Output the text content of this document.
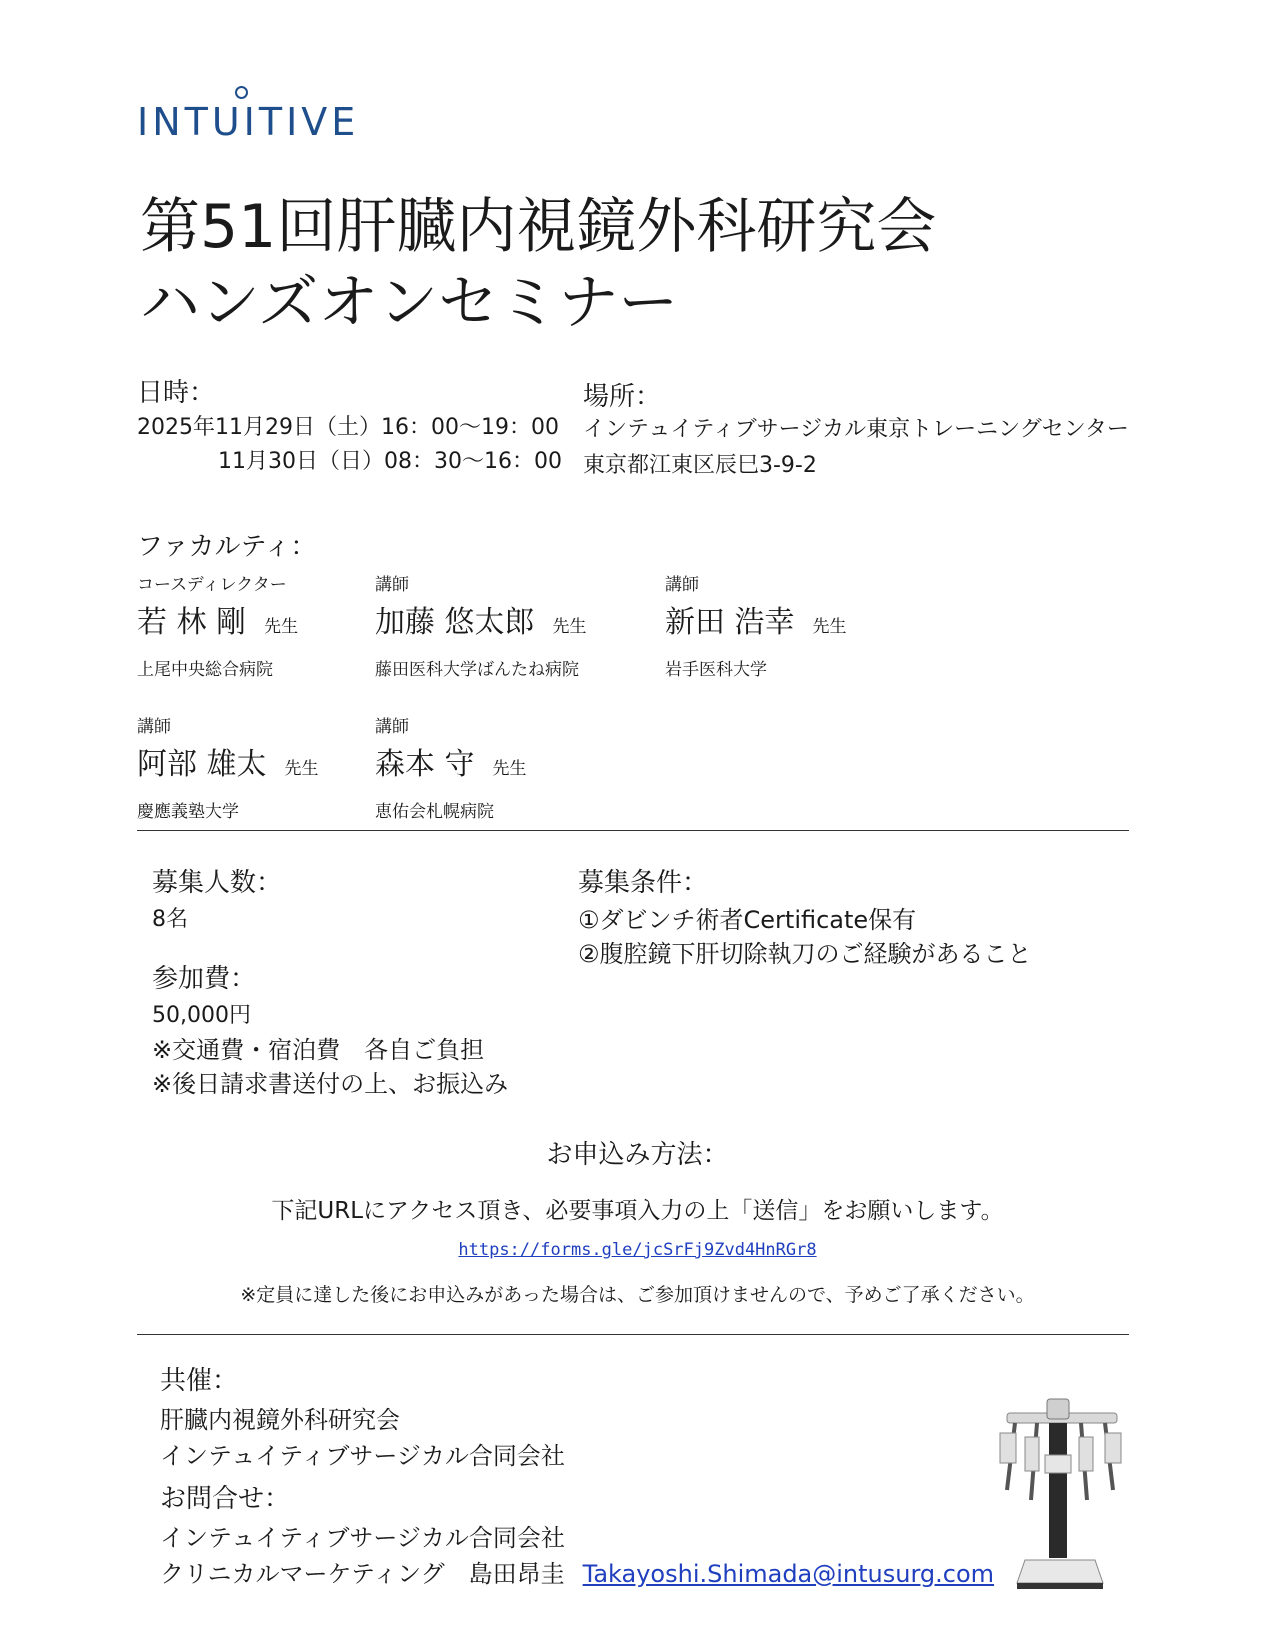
INTUITIVE
第51回肝臓内視鏡外科研究会
ハンズオンセミナー
日時：
2025年11月29日（土）16：00～19：00
11月30日（日）08：30～16：00
場所：
インテュイティブサージカル東京トレーニングセンター
東京都江東区辰巳3-9-2
ファカルティ：
コースディレクター
若 林 剛 先生
上尾中央総合病院
講師
加藤 悠太郎 先生
藤田医科大学ばんたね病院
講師
新田 浩幸 先生
岩手医科大学
講師
阿部 雄太 先生
慶應義塾大学
講師
森本 守 先生
恵佑会札幌病院
募集人数：
8名
募集条件：
①ダビンチ術者Certificate保有
②腹腔鏡下肝切除執刀のご経験があること
参加費：
50,000円
※交通費・宿泊費　各自ご負担
※後日請求書送付の上、お振込み
お申込み方法：
下記URLにアクセス頂き、必要事項入力の上「送信」をお願いします。
https://forms.gle/jcSrFj9Zvd4HnRGr8
※定員に達した後にお申込みがあった場合は、ご参加頂けませんので、予めご了承ください。
共催：
肝臓内視鏡外科研究会
インテュイティブサージカル合同会社
お問合せ：
インテュイティブサージカル合同会社
クリニカルマーケティング　島田昂圭 Takayoshi.Shimada@intusurg.com
